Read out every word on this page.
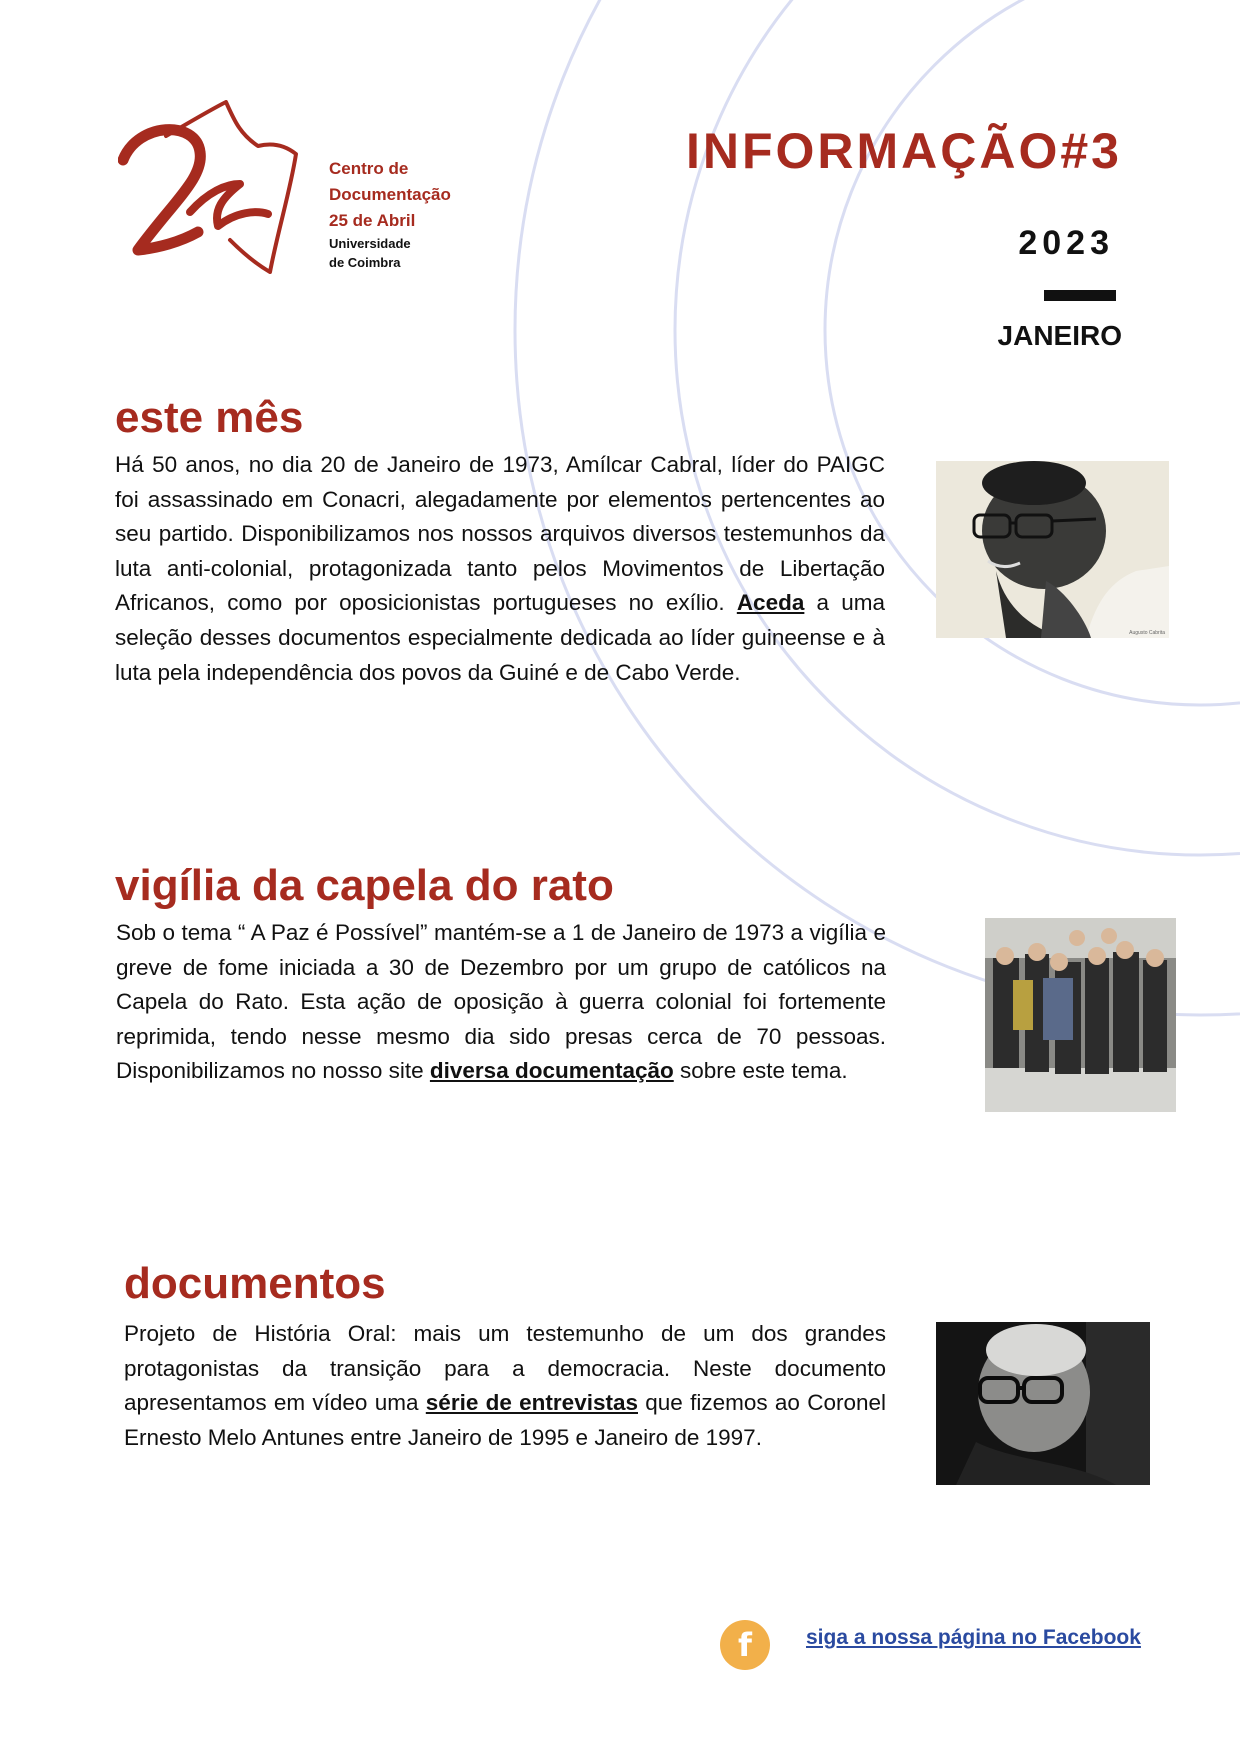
Centro de
Documentação
25 de Abril
Universidade
de Coimbra
INFORMAÇÃO#3
2023
JANEIRO
este mês
Há 50 anos, no dia 20 de Janeiro de 1973, Amílcar Cabral, líder do PAIGC foi assassinado em Conacri, alegadamente por elementos pertencentes ao seu partido. Disponibilizamos nos nossos arquivos diversos testemunhos da luta anti-colonial, protagonizada tanto pelos Movimentos de Libertação Africanos, como por oposicionistas portugueses no exílio. Aceda a uma seleção desses documentos especialmente dedicada ao líder guineense e à luta pela independência dos povos da Guiné e de Cabo Verde.
Augusto Cabrita
vigília da capela do rato
Sob o tema “ A Paz é Possível” mantém-se a 1 de Janeiro de 1973 a vigília e greve de fome iniciada a 30 de Dezembro por um grupo de católicos na Capela do Rato. Esta ação de oposição à guerra colonial foi fortemente reprimida, tendo nesse mesmo dia sido presas cerca de 70 pessoas. Disponibilizamos no nosso site diversa documentação sobre este tema.
documentos
Projeto de História Oral: mais um testemunho de um dos grandes protagonistas da transição para a democracia. Neste documento apresentamos em vídeo uma série de entrevistas que fizemos ao Coronel Ernesto Melo Antunes entre Janeiro de 1995 e Janeiro de 1997.
f	siga a nossa página no Facebook
